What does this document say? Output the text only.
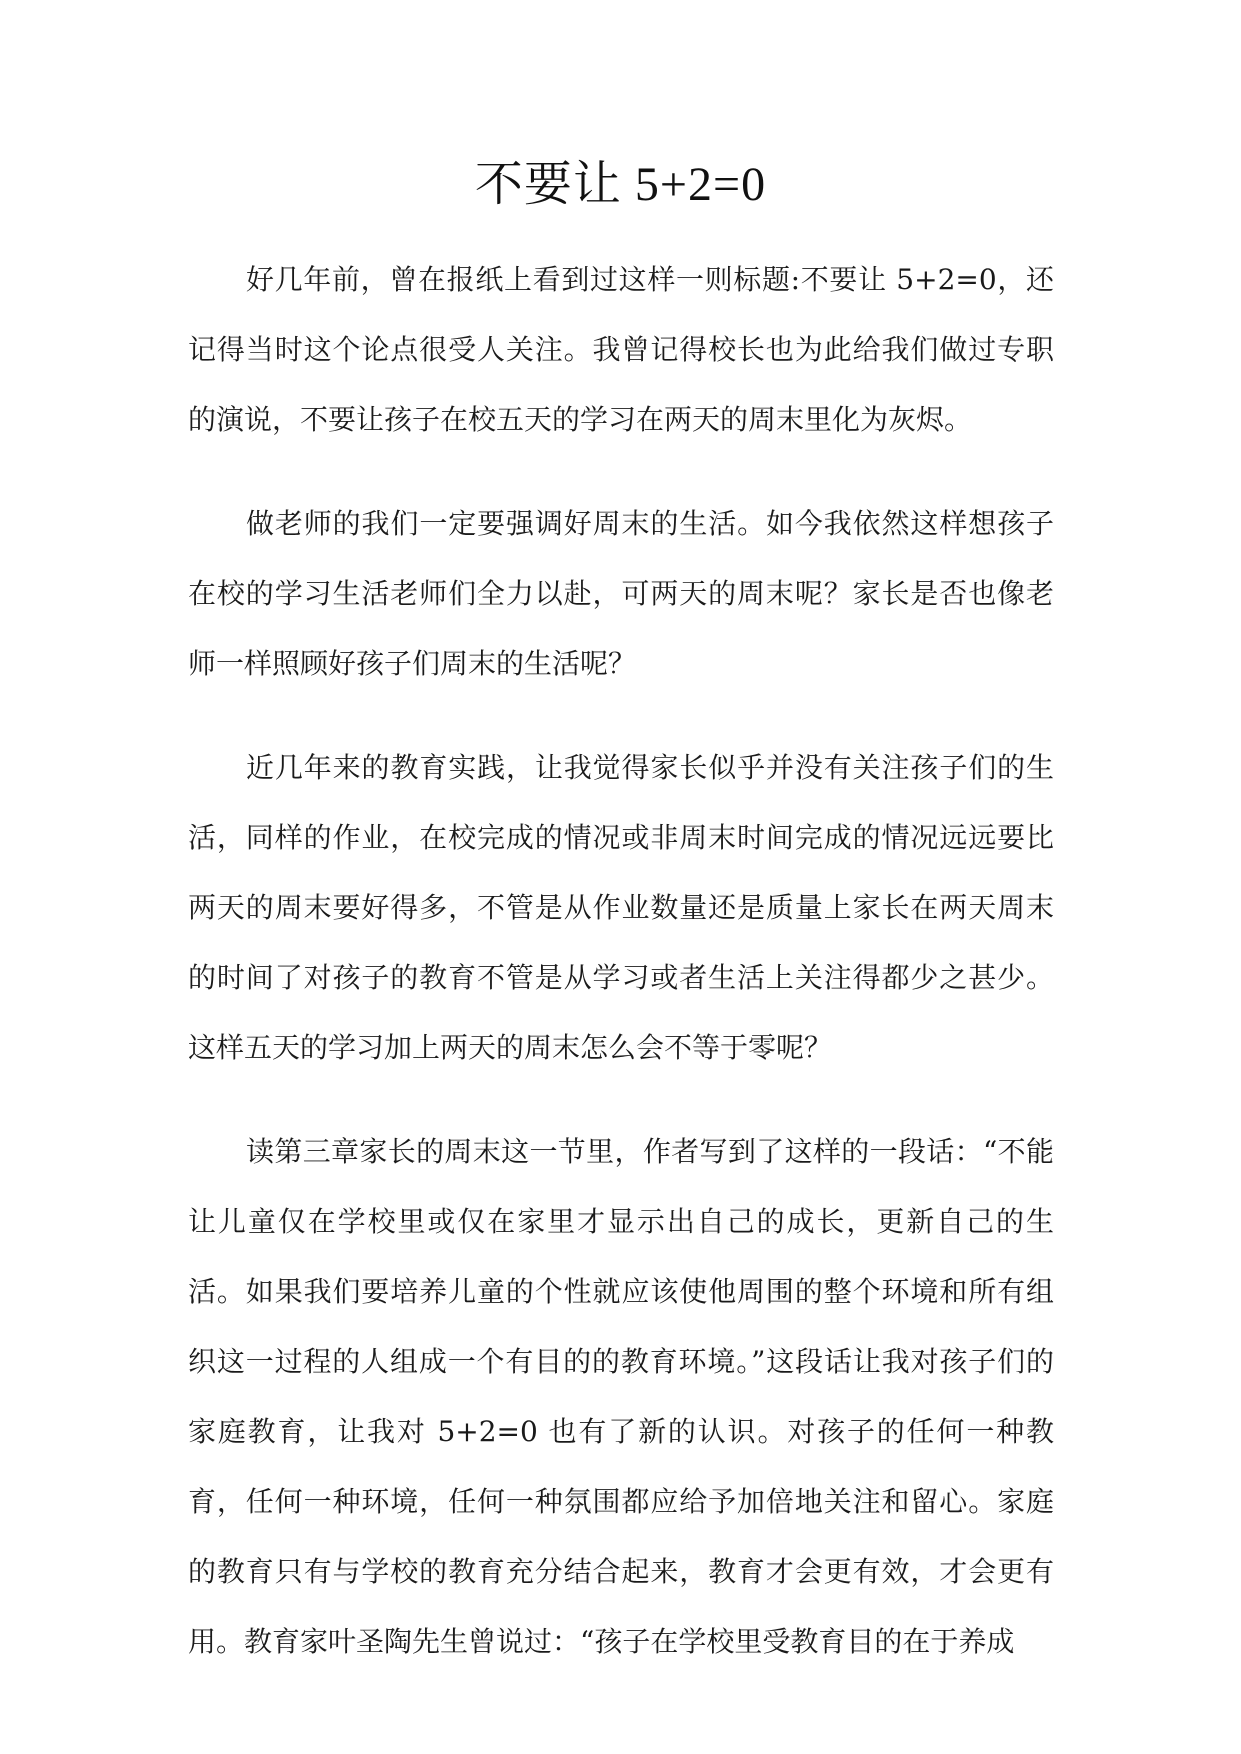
不要让 5+2=0

好几年前，曾在报纸上看到过这样一则标题:不要让 5+2=0，还记得当时这个论点很受人关注。我曾记得校长也为此给我们做过专职的演说，不要让孩子在校五天的学习在两天的周末里化为灰烬。

做老师的我们一定要强调好周末的生活。如今我依然这样想孩子在校的学习生活老师们全力以赴，可两天的周末呢？家长是否也像老师一样照顾好孩子们周末的生活呢？

近几年来的教育实践，让我觉得家长似乎并没有关注孩子们的生活，同样的作业，在校完成的情况或非周末时间完成的情况远远要比两天的周末要好得多，不管是从作业数量还是质量上家长在两天周末的时间了对孩子的教育不管是从学习或者生活上关注得都少之甚少。这样五天的学习加上两天的周末怎么会不等于零呢？

读第三章家长的周末这一节里，作者写到了这样的一段话：“不能让儿童仅在学校里或仅在家里才显示出自己的成长，更新自己的生活。如果我们要培养儿童的个性就应该使他周围的整个环境和所有组织这一过程的人组成一个有目的的教育环境。”这段话让我对孩子们的家庭教育，让我对 5+2=0 也有了新的认识。对孩子的任何一种教育，任何一种环境，任何一种氛围都应给予加倍地关注和留心。家庭的教育只有与学校的教育充分结合起来，教育才会更有效，才会更有用。教育家叶圣陶先生曾说过：“孩子在学校里受教育目的在于养成
